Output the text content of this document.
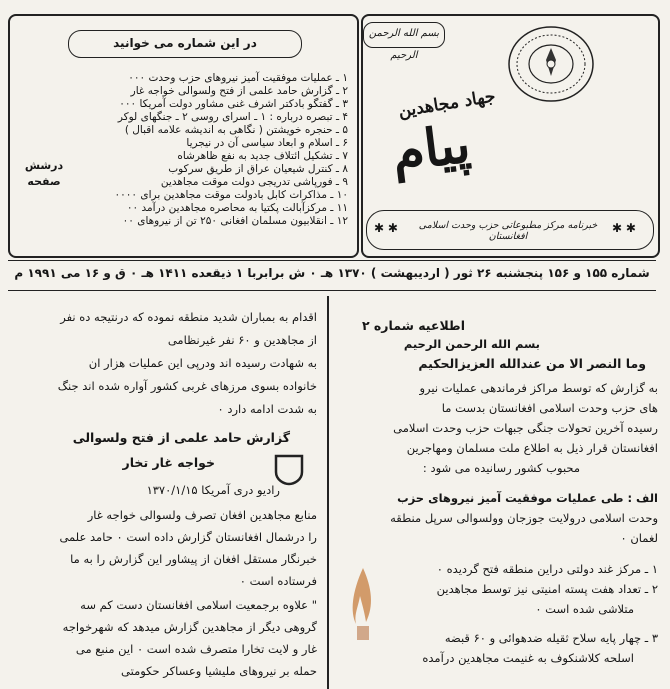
بسم الله الرحمن الرحيم
جهاد مجاهدین
پیام
✱ ✱	خبرنامه مرکز مطبوعاتی حزب وحدت اسلامی افغانستان
✱ ✱
در این شماره می خوانید
درشش صفحه
۱ ـ عملیات موفقیت آمیز نیروهای حزب وحدت ۰۰۰
۲ ـ گزارش حامد علمی از فتح ولسوالی خواجه غار
۳ ـ گفتگو بادکتر اشرف غنی مشاور دولت آمریکا ۰۰۰
۴ ـ تبصره درباره : ۱ ـ اسرای روسی ۲ ـ جنگهای لوکر
۵ ـ حنجره خویشتن ( نگاهی به اندیشه علامه اقبال )
۶ ـ اسلام و ابعاد سیاسی آن در نیجریا
۷ ـ تشکیل ائتلاف جدید به نفع ظاهرشاه
۸ ـ کنترل شیعیان عراق از طریق سرکوب
۹ ـ فورپاشی تدریجی دولت موقت مجاهدین
۱۰ ـ مذاکرات کابل بادولت موقت مجاهدین برای ۰۰۰۰
۱۱ ـ مرکزآبالت پکتیا به محاصره مجاهدین درآمد ۰۰
۱۲ ـ انقلابیون مسلمان افغانی ۲۵۰ تن از نیروهای ۰۰
شماره ۱۵۵ و ۱۵۶ پنجشنبه ۲۶ ثور ( اردیبهشت ) ۱۳۷۰ هـ ۰ ش برابربا ۱ ذیقعده ۱۴۱۱ هـ ۰ ق و ۱۶ می ۱۹۹۱ م
اطلاعیه شماره ۲
بسم الله الرحمن الرحیم
وما النصر الا من عندالله العزیزالحکیم
به گزارش که توسط مراکز فرماندهی عملیات نیرو
های حزب وحدت اسلامی افغانستان بدست ما
رسیده آخرین تحولات جنگی جبهات حزب وحدت اسلامی
افغانستان قرار ذیل به اطلاع ملت مسلمان ومهاجرین
محبوب کشور رسانیده می شود :
الف : طی عملیات موفقیت آمیز نیروهای حزب
وحدت اسلامی درولایت جوزجان وولسوالی سرپل منطقه
لغمان ۰
۱ ـ مرکز غند دولتی دراین منطقه فتح گردیده ۰
۲ ـ تعداد هفت پسته امنیتی نیز توسط مجاهدین
متلاشی شده است ۰
۳ ـ چهار پایه سلاح ثقیله ضدهوائی و ۶۰ قبضه
اسلحه کلاشنکوف به غنیمت مجاهدین درآمده
اقدام به بمباران شدید منطقه نموده که درنتیجه ده نفر
از مجاهدین و ۶۰ نفر غیرنظامی
به شهادت رسیده اند ودرپی این عملیات هزار ان
خانواده بسوی مرزهای غربی کشور آواره شده اند جنگ
به شدت ادامه دارد ۰
گزارش حامد علمی از فتح ولسوالی
خواجه غار تخار
رادیو دری آمریکا ۱۳۷۰/۱/۱۵
منابع مجاهدین افغان تصرف ولسوالی خواجه غار
را درشمال افغانستان گزارش داده است ۰ حامد علمی
خبرنگار مستقل افغان از پیشاور این گزارش را به ما
فرستاده است ۰
" علاوه برجمعیت اسلامی افغانستان دست کم سه
گروهی دیگر از مجاهدین گزارش میدهد که شهرخواجه
غار و لایت تخارا متصرف شده است ۰ این منبع می
حمله بر نیروهای ملیشیا وعساکر حکومتی
